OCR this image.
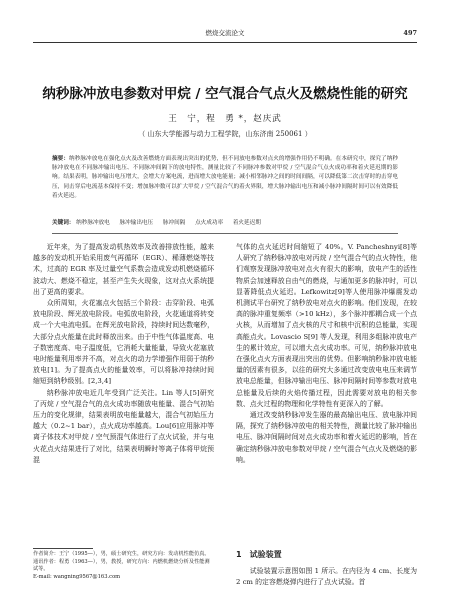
燃烧交流论文	497
纳秒脉冲放电参数对甲烷 / 空气混合气点火及燃烧性能的研究
王　宁，程　勇 *，赵庆武
（ 山东大学能源与动力工程学院，山东济南 250061 ）
摘要：纳秒脉冲放电在强化点火及改善燃烧方面表现出突出的优势，但不同放电参数对点火的增强作用仍不明确。在本研究中，探究了纳秒脉冲放电在不同脉冲输出电压、不同脉冲间隔下的放电特性，测量比较了不同脉冲参数对甲烷 / 空气混合气点火成功率和着火延迟期的影响。结果表明，脉冲输出电压增大，会增大方案电流，进而增大放电能量；减小相邻脉冲之间的时间间隔，可以降低第二次击穿时的击穿电压，同击穿后电流基本保持不变；增加脉冲数可以扩大甲烷 / 空气混合气的着火界限，增大脉冲输出电压和减小脉冲间隔时间可以有效降低着火延迟。
关键词： 纳秒脉冲放电 脉冲输出电压 脉冲间隔 点火成功率 着火延迟期

近年来，为了提高发动机热效率及改善排放性能，越来越多的发动机开始采用废气再循环（EGR）、稀薄燃烧等技术，过高的 EGR 率及过量空气系数会造成发动机燃烧循环波动大、燃烧不稳定，甚至产生失火现象，这对点火系统提出了更高的要求。

众所周知，火花塞点火包括三个阶段：击穿阶段、电弧放电阶段、辉光放电阶段。电弧放电阶段，火花通道将转变成一个大电流电弧。在辉光放电阶段，持续时间达数毫秒，大部分点火能量在此时释放出来。由于中性气体温度高、电子数密度高、电子温度低，它消耗大量能量，导致火花塞放电时能量利用率并不高，对点火的动力学增强作用弱于纳秒放电[1]。为了提高点火的能量效率，可以将脉冲持续时间缩短到纳秒级别。[2,3,4]

纳秒脉冲放电近几年受到广泛关注。Lin 等人[5]研究了丙烷 / 空气混合气的点火成功率随放电能量、混合气初始压力的变化规律，结果表明放电能量越大，混合气初始压力越大（0.2~1 bar），点火成功率越高。Lou[6]应用脉冲等离子体技术对甲烷 / 空气预混气体进行了点火试验，并与电火花点火结果进行了对比，结果表明瞬时等离子体将甲烷预混

作者简介：王宁（1995—），男，硕士研究生，研究方向：发动机性能仿真。
通讯作者：程勇（1963—），男，教授，研究方向：内燃机燃烧分析及性能测试等。
E-mail: wangning9567@163.com

气体的点火延迟时间缩短了 40%。V. Pancheshnyi[8]等人研究了纳秒脉冲放电对丙烷 / 空气混合气的点火特性，他们观察发现脉冲放电对点火有很大的影响，放电产生的活性物质会加速释放自由气的燃烧，与通加更多的脉冲时，可以显著降低点火延迟。Lefkowitz[9]等人使用脉冲爆震发动机测试平台研究了纳秒放电对点火的影响。他们发现，在较高的脉冲重复频率（>10 kHz），多个脉冲都耦合成一个点火核，从而增加了点火核的尺寸和核中沉积的总能量，实现高能点火。Lovascio S[9] 等人发现，利用多组脉冲放电产生的累计效应，可以增大点火成功率。可见，纳秒脉冲放电在强化点火方面表现出突出的优势。但影响纳秒脉冲放电能量的因素有很多，以往的研究大多通过改变放电电压来调节放电总能量，但脉冲输出电压、脉冲间隔时间等参数对放电总能量及后续的火焰传播过程，因此需要对放电的相关参数、点火过程的物理和化学特性有更深入的了解。

通过改变纳秒脉冲发生器的最高输出电压、放电脉冲间隔，探究了纳秒脉冲放电的相关特性，测量比较了脉冲输出电压、脉冲间隔时间对点火成功率和着火延迟的影响，旨在确定纳秒脉冲放电参数对甲烷 / 空气混合气点火及燃烧的影响。

1　试验装置

试验装置示意图如图 1 所示。在内径为 4 cm、长度为 2 cm 的定容燃烧弹内进行了点火试验。首
